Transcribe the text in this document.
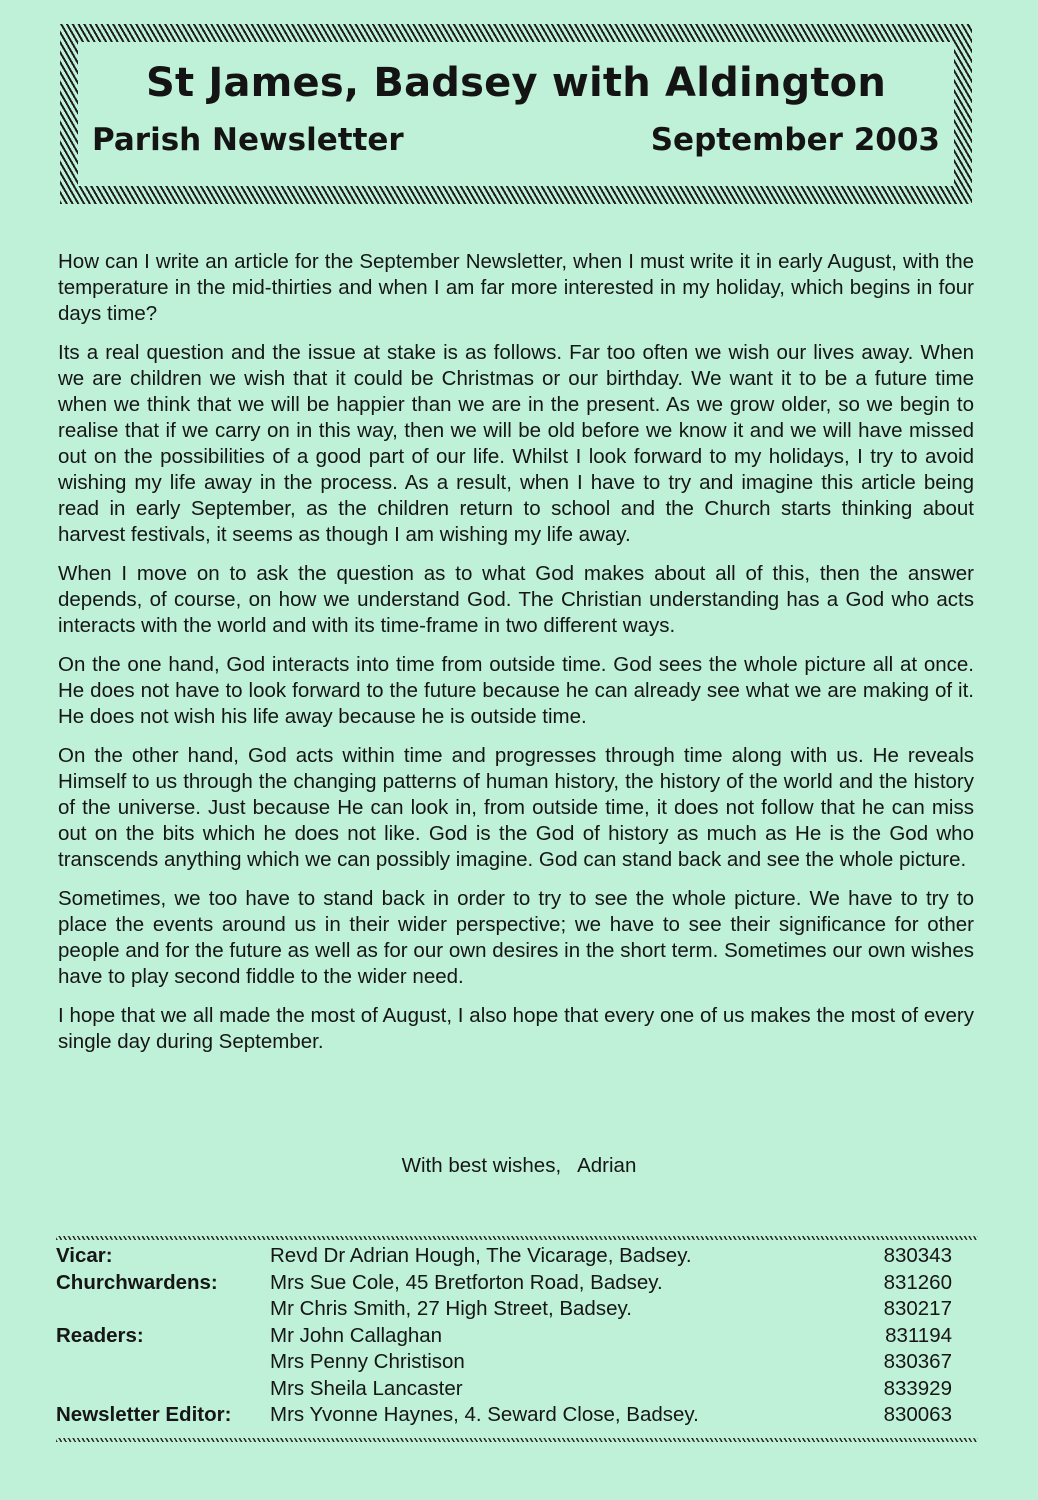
St James, Badsey with Aldington
Parish Newsletter	September 2003

How can I write an article for the September Newsletter, when I must write it in early August, with the temperature in the mid-thirties and when I am far more interested in my holiday, which begins in four days time?

Its a real question and the issue at stake is as follows. Far too often we wish our lives away. When we are children we wish that it could be Christmas or our birthday. We want it to be a future time when we think that we will be happier than we are in the present. As we grow older, so we begin to realise that if we carry on in this way, then we will be old before we know it and we will have missed out on the possibilities of a good part of our life. Whilst I look forward to my holidays, I try to avoid wishing my life away in the process. As a result, when I have to try and imagine this article being read in early September, as the children return to school and the Church starts thinking about harvest festivals, it seems as though I am wishing my life away.

When I move on to ask the question as to what God makes about all of this, then the answer depends, of course, on how we understand God. The Christian understanding has a God who acts interacts with the world and with its time-frame in two different ways.

On the one hand, God interacts into time from outside time. God sees the whole picture all at once. He does not have to look forward to the future because he can already see what we are making of it. He does not wish his life away because he is outside time.

On the other hand, God acts within time and progresses through time along with us. He reveals Himself to us through the changing patterns of human history, the history of the world and the history of the universe. Just because He can look in, from outside time, it does not follow that he can miss out on the bits which he does not like. God is the God of history as much as He is the God who transcends anything which we can possibly imagine. God can stand back and see the whole picture.

Sometimes, we too have to stand back in order to try to see the whole picture. We have to try to place the events around us in their wider perspective; we have to see their significance for other people and for the future as well as for our own desires in the short term. Sometimes our own wishes have to play second fiddle to the wider need.

I hope that we all made the most of August, I also hope that every one of us makes the most of every single day during September.

With best wishes,   Adrian
Vicar:	Revd Dr Adrian Hough, The Vicarage, Badsey.	830343
Churchwardens:	Mrs Sue Cole, 45 Bretforton Road, Badsey.	831260
	Mr Chris Smith, 27 High Street, Badsey.	830217
Readers:	Mr John Callaghan	831194
	Mrs Penny Christison	830367
	Mrs Sheila Lancaster	833929
Newsletter Editor:	Mrs Yvonne Haynes, 4. Seward Close, Badsey.	830063
